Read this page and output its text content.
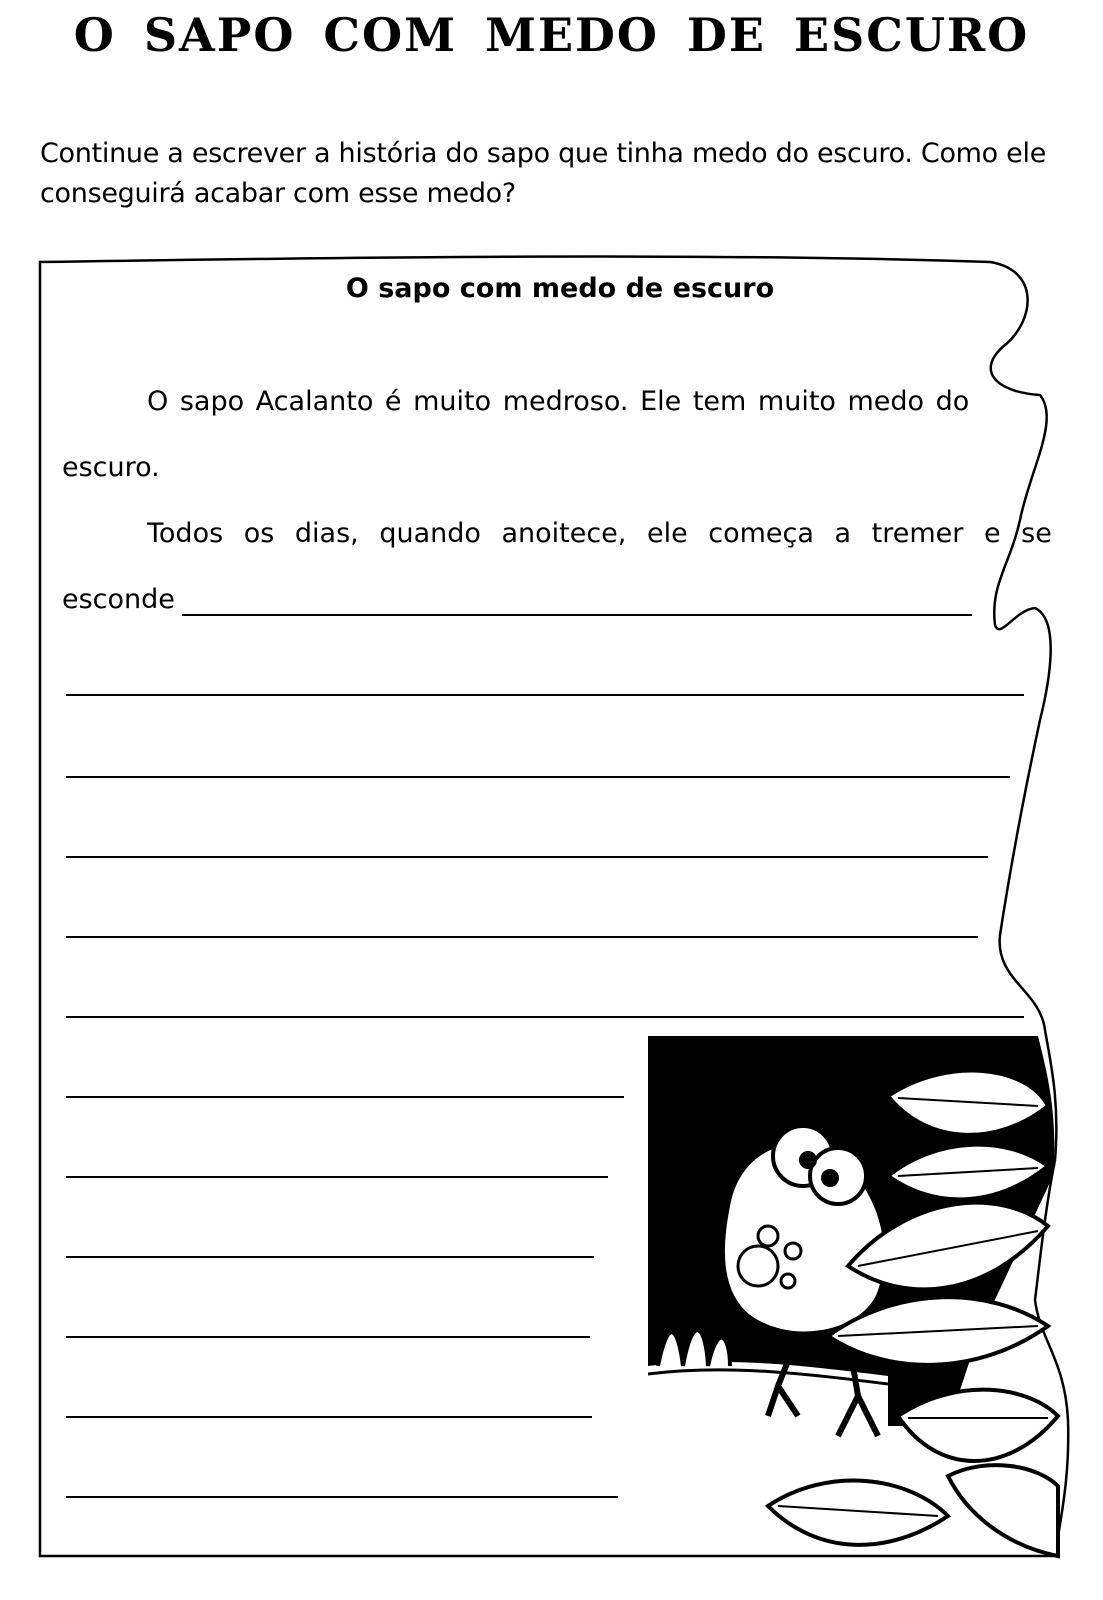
O SAPO COM MEDO DE ESCURO

Continue a escrever a história do sapo que tinha medo do escuro. Como ele conseguirá acabar com esse medo?

O sapo com medo de escuro

O sapo Acalanto é muito medroso. Ele tem muito medo do

escuro.

Todos os dias, quando anoitece, ele começa a tremer e se

esconde
